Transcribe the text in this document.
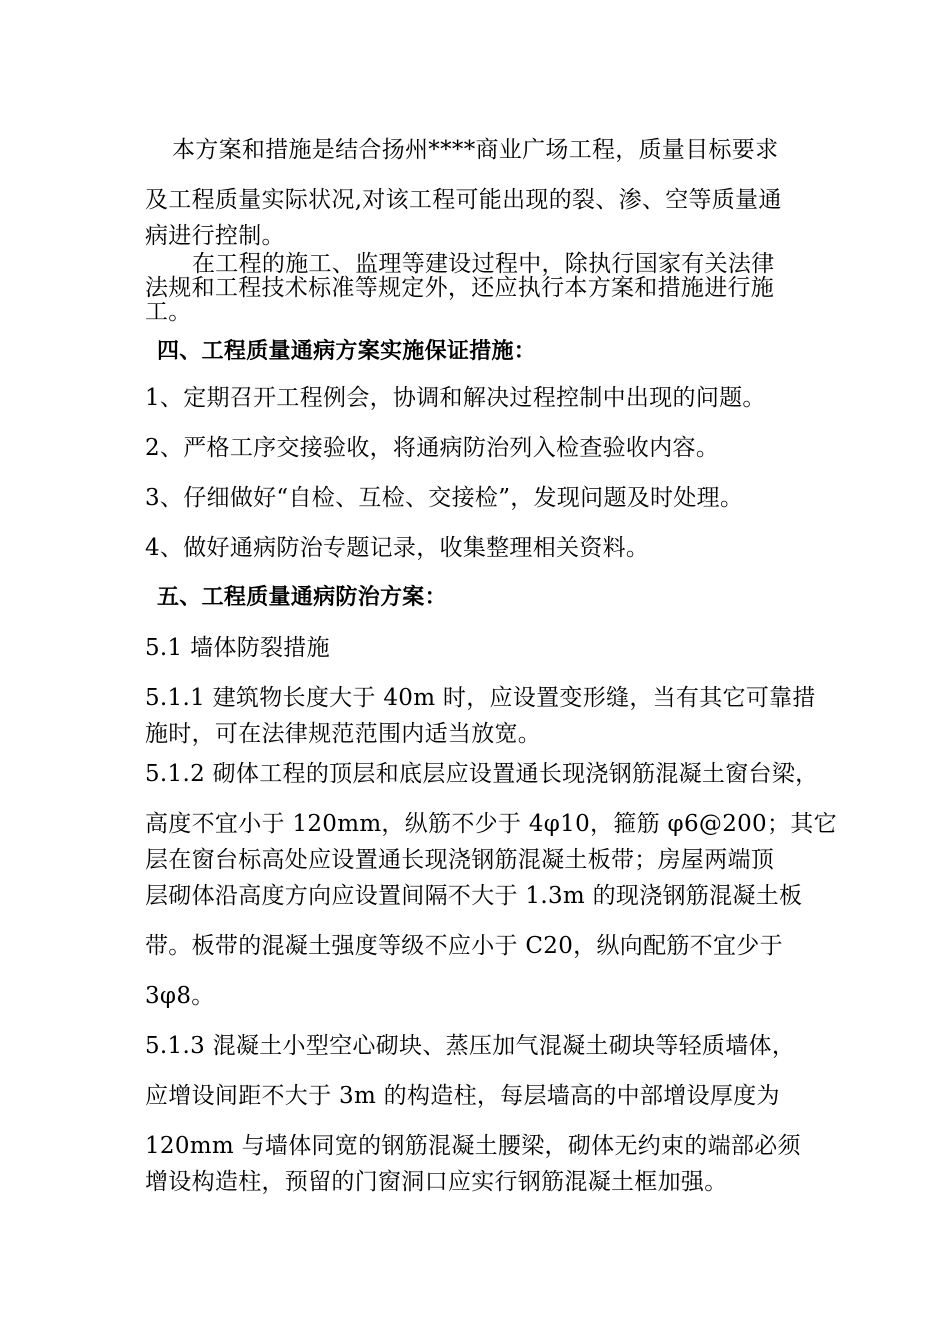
本方案和措施是结合扬州****商业广场工程，质量目标要求
及工程质量实际状况,对该工程可能出现的裂、渗、空等质量通
病进行控制。
在工程的施工、监理等建设过程中，除执行国家有关法律
法规和工程技术标准等规定外，还应执行本方案和措施进行施
工。
四、工程质量通病方案实施保证措施：
1、定期召开工程例会，协调和解决过程控制中出现的问题。
2、严格工序交接验收，将通病防治列入检查验收内容。
3、仔细做好“自检、互检、交接检”，发现问题及时处理。
4、做好通病防治专题记录，收集整理相关资料。
五、工程质量通病防治方案：
5.1 墙体防裂措施
5.1.1 建筑物长度大于 40m 时，应设置变形缝，当有其它可靠措
施时，可在法律规范范围内适当放宽。
5.1.2 砌体工程的顶层和底层应设置通长现浇钢筋混凝土窗台梁，
高度不宜小于 120mm，纵筋不少于 4φ10，箍筋 φ6@200；其它
层在窗台标高处应设置通长现浇钢筋混凝土板带；房屋两端顶
层砌体沿高度方向应设置间隔不大于 1.3m 的现浇钢筋混凝土板
带。板带的混凝土强度等级不应小于 C20，纵向配筋不宜少于
3φ8。
5.1.3 混凝土小型空心砌块、蒸压加气混凝土砌块等轻质墙体，
应增设间距不大于 3m 的构造柱，每层墙高的中部增设厚度为
120mm 与墙体同宽的钢筋混凝土腰梁，砌体无约束的端部必须
增设构造柱，预留的门窗洞口应实行钢筋混凝土框加强。
